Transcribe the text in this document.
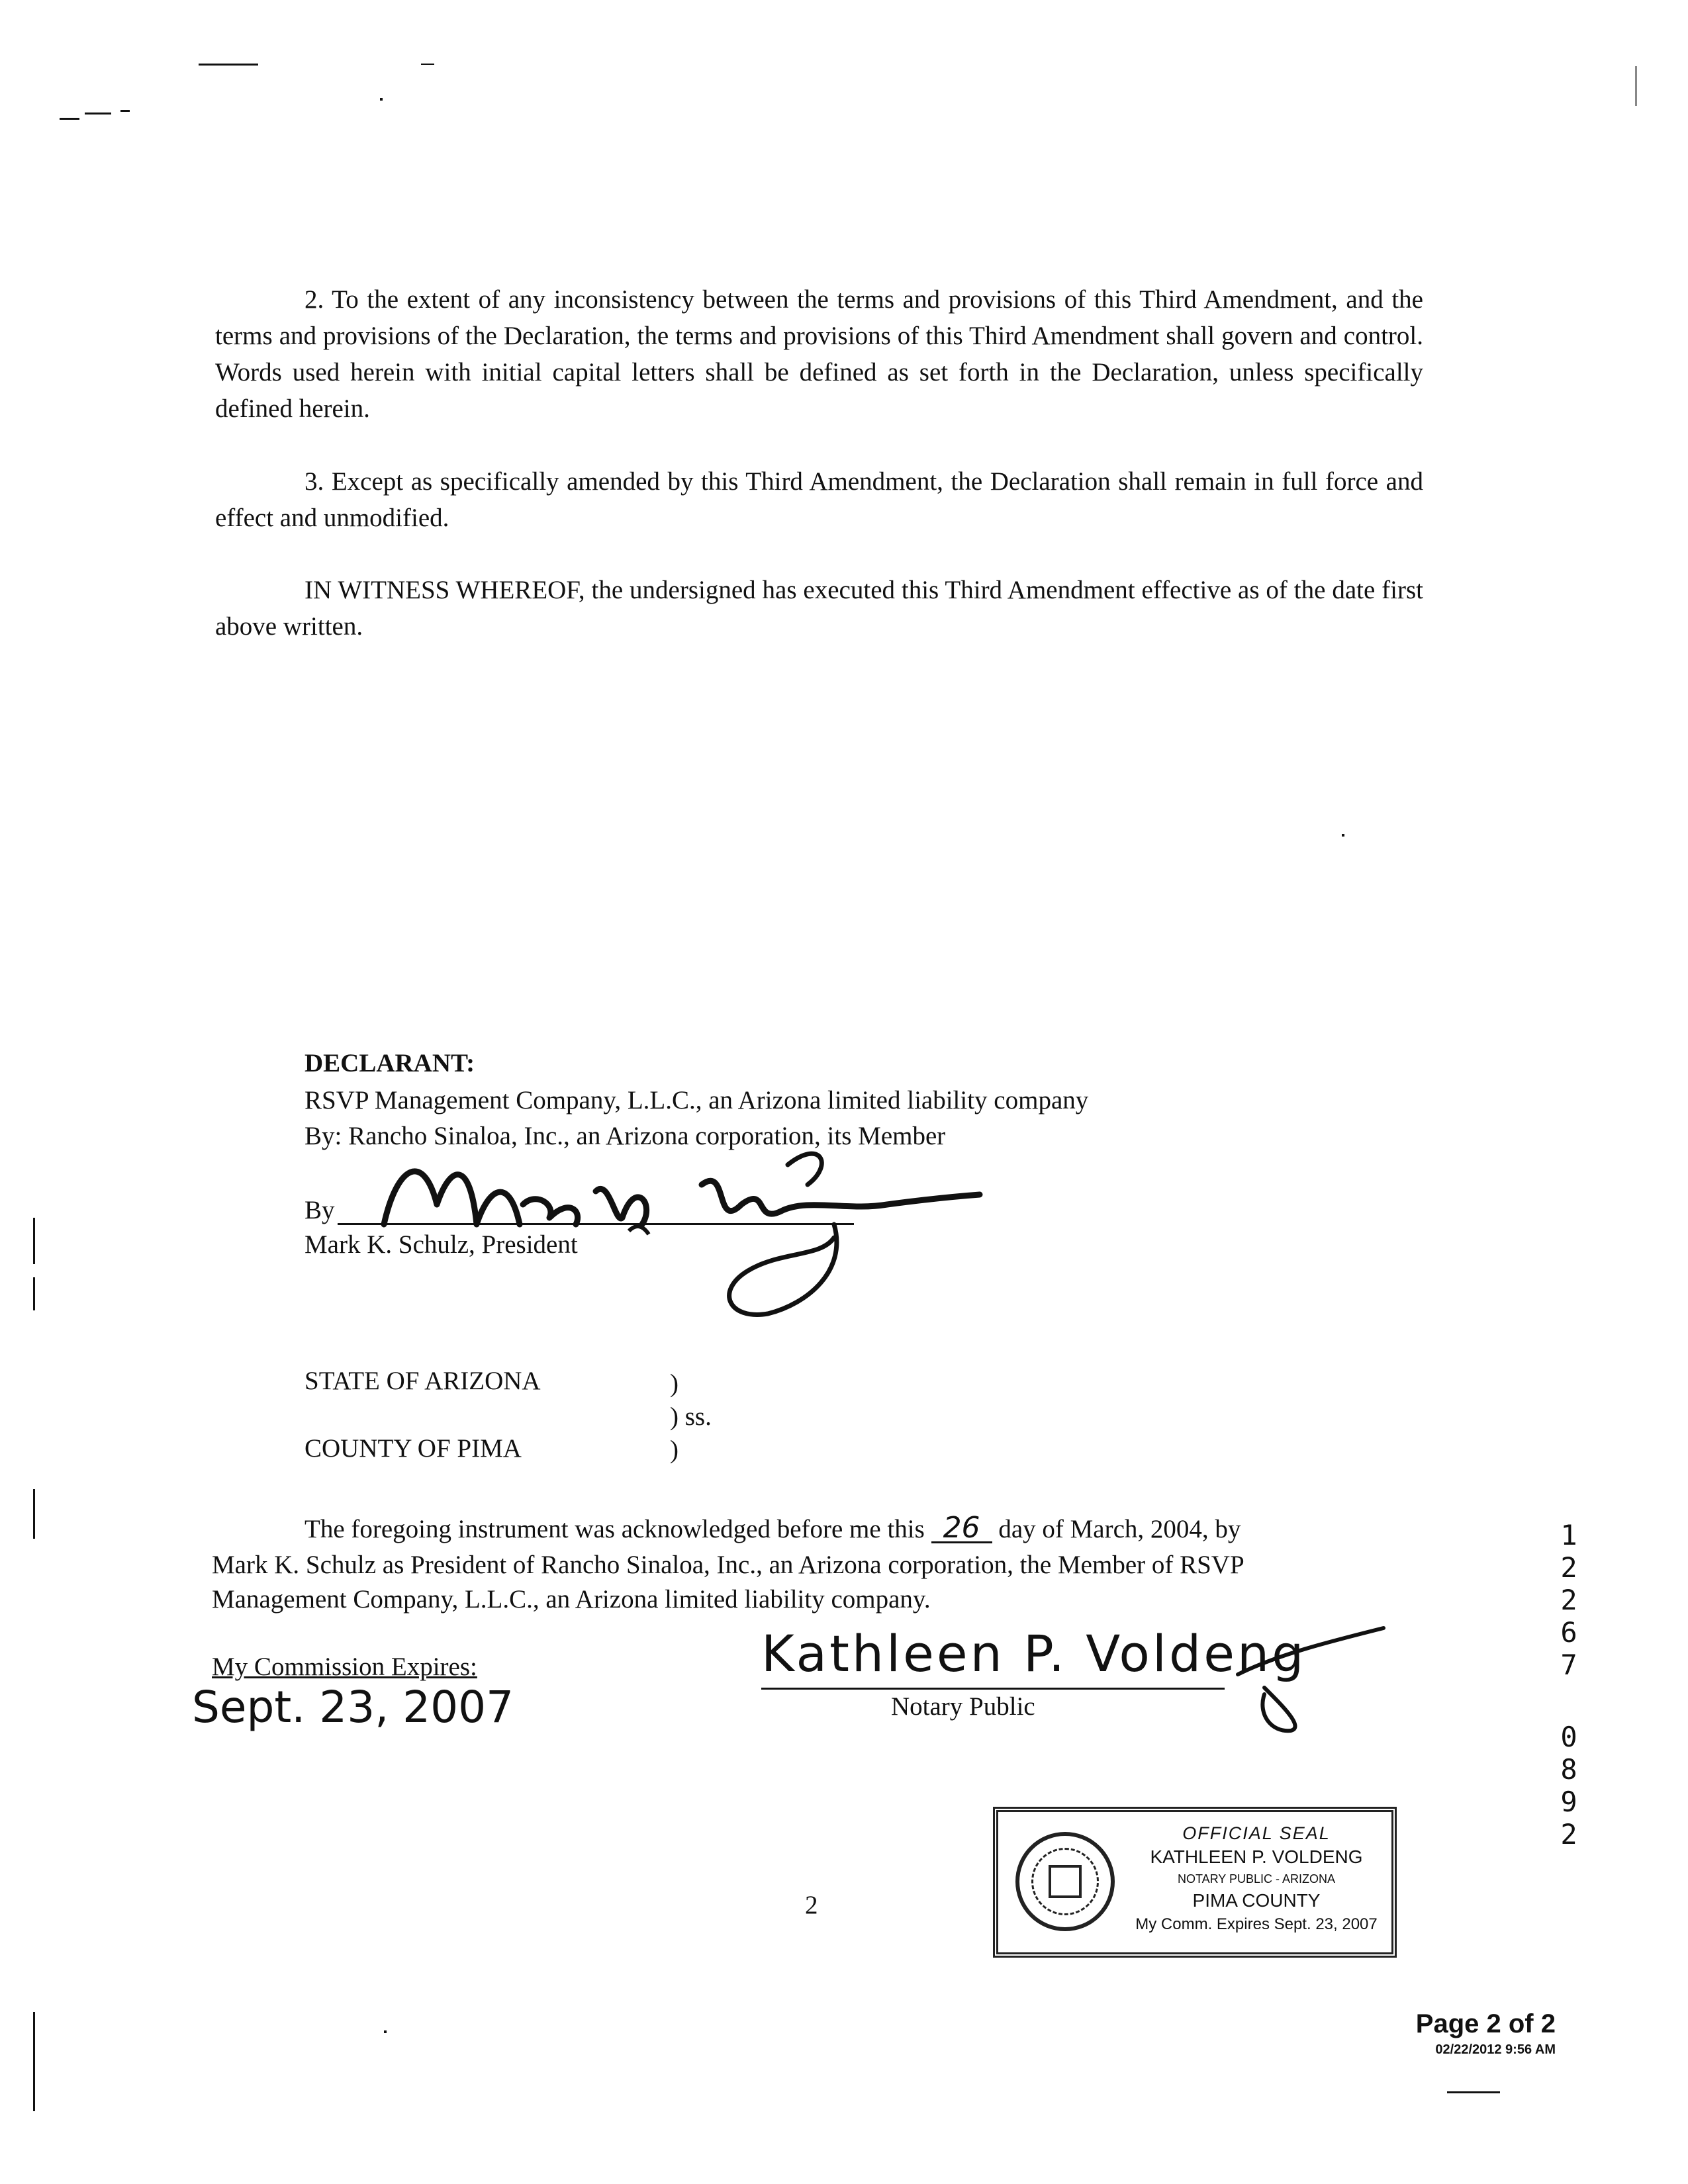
2. To the extent of any inconsistency between the terms and provisions of this Third Amendment, and the terms and provisions of the Declaration, the terms and provisions of this Third Amendment shall govern and control. Words used herein with initial capital letters shall be defined as set forth in the Declaration, unless specifically defined herein.
3. Except as specifically amended by this Third Amendment, the Declaration shall remain in full force and effect and unmodified.
IN WITNESS WHEREOF, the undersigned has executed this Third Amendment effective as of the date first above written.
DECLARANT:
RSVP Management Company, L.L.C., an Arizona limited liability company
By: Rancho Sinaloa, Inc., an Arizona corporation, its Member
By
Mark K. Schulz, President
STATE OF ARIZONA
COUNTY OF PIMA
)
) ss.
)
The foregoing instrument was acknowledged before me this 26 day of March, 2004, by
Mark K. Schulz as President of Rancho Sinaloa, Inc., an Arizona corporation, the Member of RSVP
Management Company, L.L.C., an Arizona limited liability company.
My Commission Expires:
Sept. 23, 2007
Kathleen P. Voldeng
Notary Public
OFFICIAL SEAL
KATHLEEN P. VOLDENG
NOTARY PUBLIC - ARIZONA
PIMA COUNTY
My Comm. Expires Sept. 23, 2007
2
1
2
2
6
7
0
8
9
2
Page 2 of 2
02/22/2012 9:56 AM
